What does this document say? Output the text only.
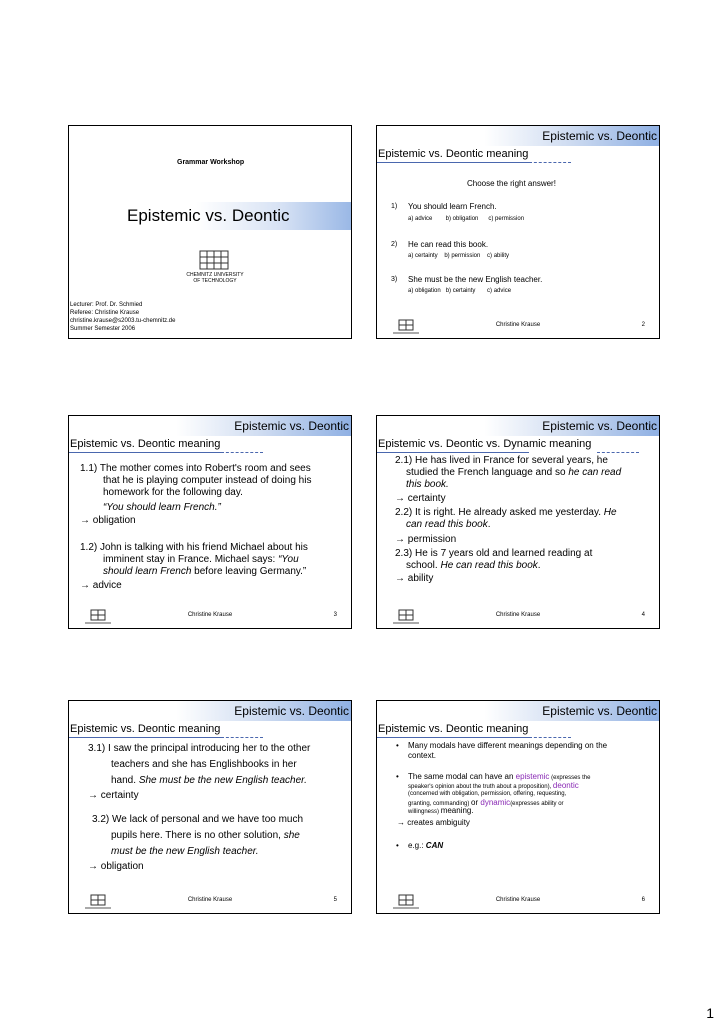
Grammar Workshop
Epistemic vs. Deontic
CHEMNITZ UNIVERSITY
OF TECHNOLOGY
Lecturer: Prof. Dr. Schmied
Referee: Christine Krause
christine.krause@s2003.tu-chemnitz.de
Summer Semester 2006
Epistemic vs. Deontic
Epistemic vs. Deontic meaning
Choose the right answer!
1) You should learn French.
a) advice        b) obligation      c) permission
2) He can read this book.
a) certainty    b) permission    c) ability
3) She must be the new English teacher.
a) obligation   b) certainty       c) advice
Christine Krause	2
Epistemic vs. Deontic
Epistemic vs. Deontic meaning
1.1) The mother comes into Robert's room and sees
that he is playing computer instead of doing his
homework for the following day.
“You should learn French.”
→ obligation
1.2) John is talking with his friend Michael about his
imminent stay in France. Michael says: “You
should learn French before leaving Germany.”
→ advice
Christine Krause	3
Epistemic vs. Deontic
Epistemic vs. Deontic vs. Dynamic meaning
2.1) He has lived in France for several years, he
studied the French language and so he can read
this book.
→ certainty
2.2) It is right. He already asked me yesterday. He
can read this book.
→ permission
2.3) He is 7 years old and learned reading at
school. He can read this book.
→ ability
Christine Krause	4
Epistemic vs. Deontic
Epistemic vs. Deontic meaning
3.1) I saw the principal introducing her to the other
teachers and she has Englishbooks in her
hand. She must be the new English teacher.
→ certainty
3.2) We lack of personal and we have too much
pupils here. There is no other solution, she
must be the new English teacher.
→ obligation
Christine Krause	5
Epistemic vs. Deontic
Epistemic vs. Deontic meaning
• Many modals have different meanings depending on the
context.
• The same modal can have an epistemic (expresses the
speaker's opinion about the truth about a proposition), deontic
(concerned with obligation, permission, offering, requesting,
granting, commanding) or dynamic(expresses ability or
willingness) meaning.
→ creates ambiguity
• e.g.: CAN
Christine Krause	6
1
